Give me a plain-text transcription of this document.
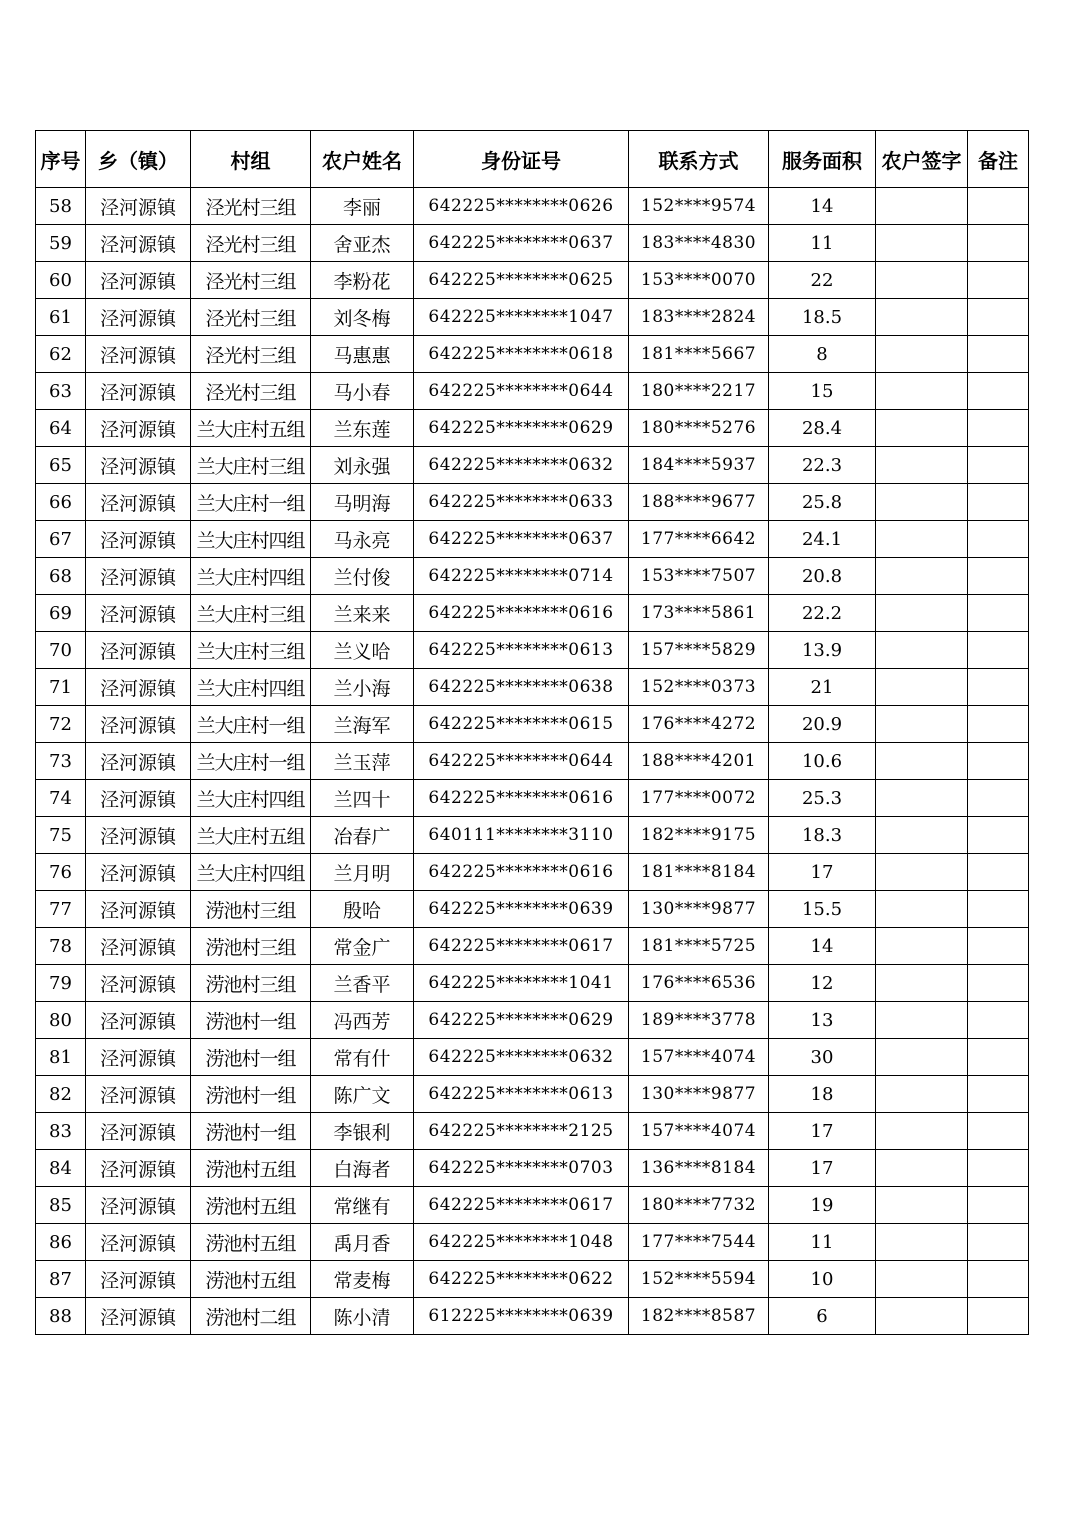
序号	乡（镇）	村组	农户姓名	身份证号	联系方式	服务面积	农户签字	备注
58	泾河源镇	泾光村三组	李丽	642225********0626	152****9574	14		
59	泾河源镇	泾光村三组	舍亚杰	642225********0637	183****4830	11		
60	泾河源镇	泾光村三组	李粉花	642225********0625	153****0070	22		
61	泾河源镇	泾光村三组	刘冬梅	642225********1047	183****2824	18.5		
62	泾河源镇	泾光村三组	马惠惠	642225********0618	181****5667	8		
63	泾河源镇	泾光村三组	马小春	642225********0644	180****2217	15		
64	泾河源镇	兰大庄村五组	兰东莲	642225********0629	180****5276	28.4		
65	泾河源镇	兰大庄村三组	刘永强	642225********0632	184****5937	22.3		
66	泾河源镇	兰大庄村一组	马明海	642225********0633	188****9677	25.8		
67	泾河源镇	兰大庄村四组	马永亮	642225********0637	177****6642	24.1		
68	泾河源镇	兰大庄村四组	兰付俊	642225********0714	153****7507	20.8		
69	泾河源镇	兰大庄村三组	兰来来	642225********0616	173****5861	22.2		
70	泾河源镇	兰大庄村三组	兰义哈	642225********0613	157****5829	13.9		
71	泾河源镇	兰大庄村四组	兰小海	642225********0638	152****0373	21		
72	泾河源镇	兰大庄村一组	兰海军	642225********0615	176****4272	20.9		
73	泾河源镇	兰大庄村一组	兰玉萍	642225********0644	188****4201	10.6		
74	泾河源镇	兰大庄村四组	兰四十	642225********0616	177****0072	25.3		
75	泾河源镇	兰大庄村五组	冶春广	640111********3110	182****9175	18.3		
76	泾河源镇	兰大庄村四组	兰月明	642225********0616	181****8184	17		
77	泾河源镇	涝池村三组	殷哈	642225********0639	130****9877	15.5		
78	泾河源镇	涝池村三组	常金广	642225********0617	181****5725	14		
79	泾河源镇	涝池村三组	兰香平	642225********1041	176****6536	12		
80	泾河源镇	涝池村一组	冯西芳	642225********0629	189****3778	13		
81	泾河源镇	涝池村一组	常有什	642225********0632	157****4074	30		
82	泾河源镇	涝池村一组	陈广文	642225********0613	130****9877	18		
83	泾河源镇	涝池村一组	李银利	642225********2125	157****4074	17		
84	泾河源镇	涝池村五组	白海者	642225********0703	136****8184	17		
85	泾河源镇	涝池村五组	常继有	642225********0617	180****7732	19		
86	泾河源镇	涝池村五组	禹月香	642225********1048	177****7544	11		
87	泾河源镇	涝池村五组	常麦梅	642225********0622	152****5594	10		
88	泾河源镇	涝池村二组	陈小清	612225********0639	182****8587	6		
